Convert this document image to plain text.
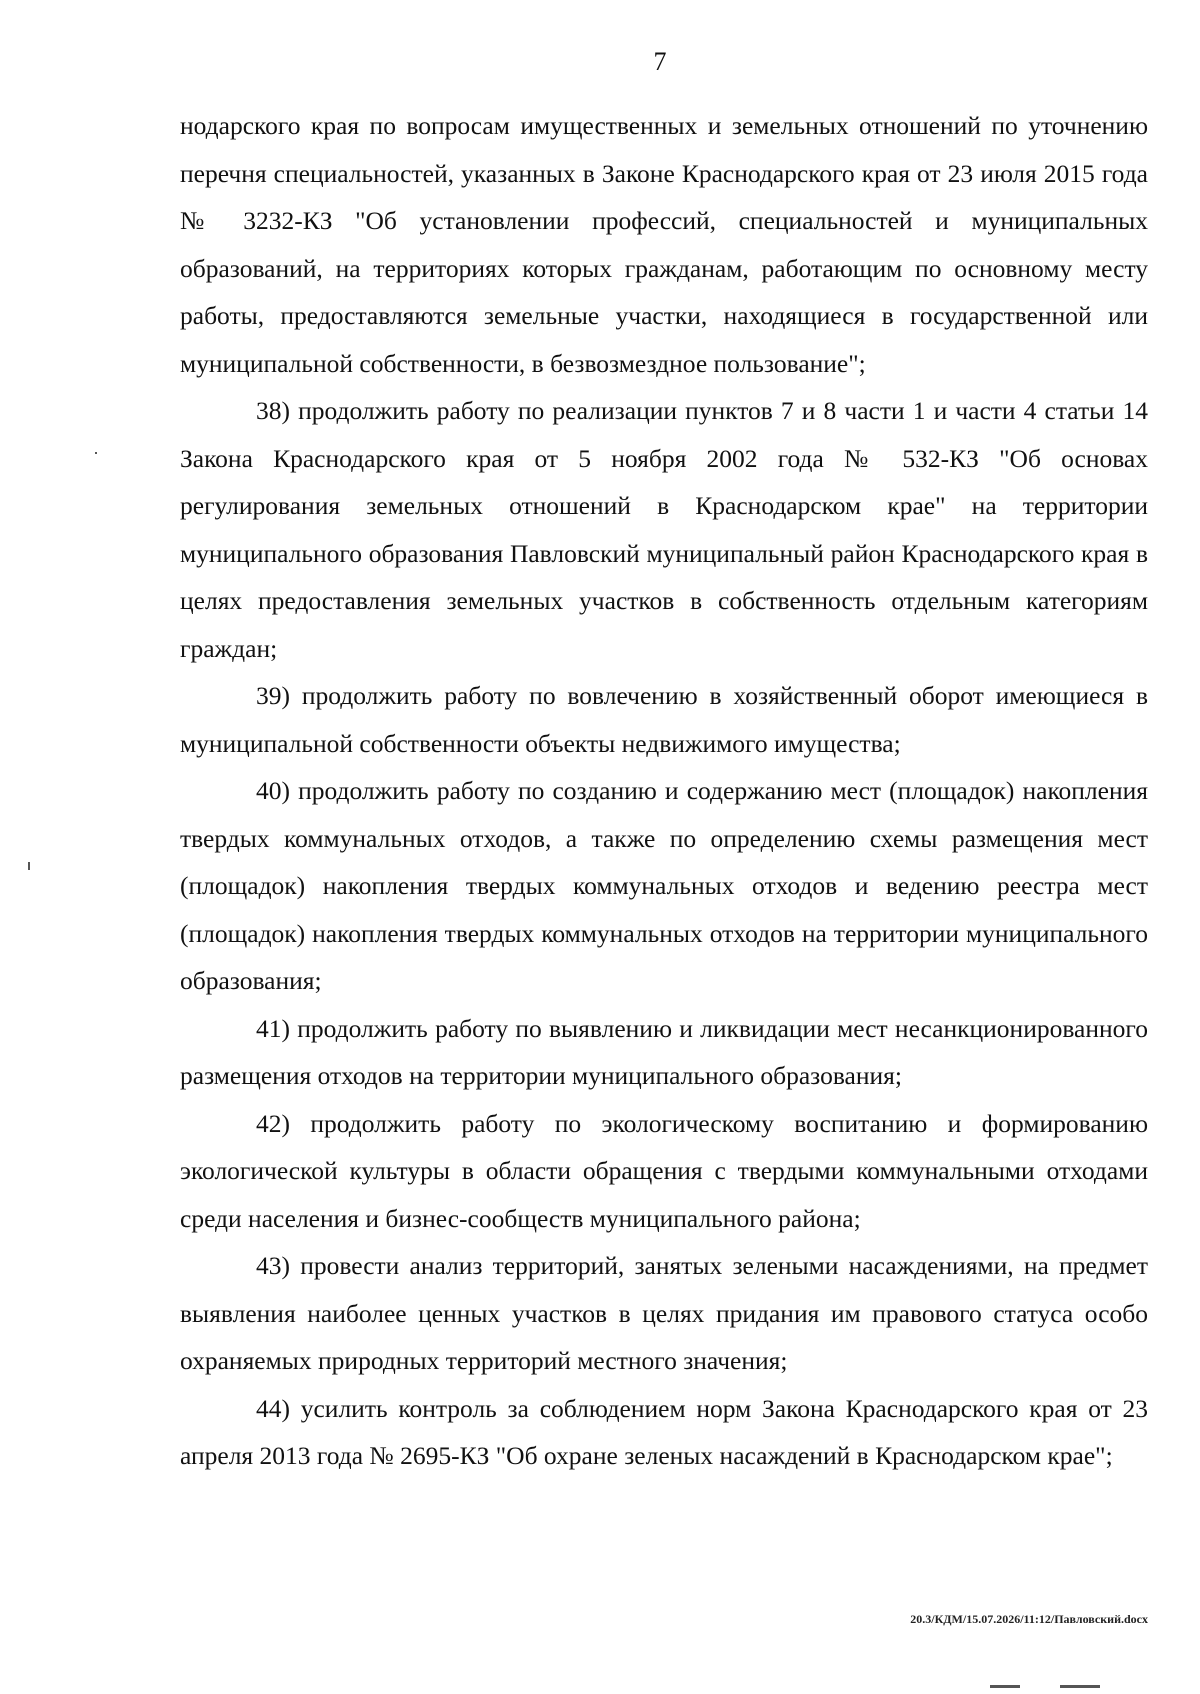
7

нодарского края по вопросам имущественных и земельных отношений по уточнению перечня специальностей, указанных в Законе Краснодарского края от 23 июля 2015 года № 3232-КЗ "Об установлении профессий, специальностей и муниципальных образований, на территориях которых гражданам, работающим по основному месту работы, предоставляются земельные участки, находящиеся в государственной или муниципальной собственности, в безвозмездное пользование";

38) продолжить работу по реализации пунктов 7 и 8 части 1 и части 4 статьи 14 Закона Краснодарского края от 5 ноября 2002 года № 532-КЗ "Об основах регулирования земельных отношений в Краснодарском крае" на территории муниципального образования Павловский муниципальный район Краснодарского края в целях предоставления земельных участков в собственность отдельным категориям граждан;

39) продолжить работу по вовлечению в хозяйственный оборот имеющиеся в муниципальной собственности объекты недвижимого имущества;

40) продолжить работу по созданию и содержанию мест (площадок) накопления твердых коммунальных отходов, а также по определению схемы размещения мест (площадок) накопления твердых коммунальных отходов и ведению реестра мест (площадок) накопления твердых коммунальных отходов на территории муниципального образования;

41) продолжить работу по выявлению и ликвидации мест несанкционированного размещения отходов на территории муниципального образования;

42) продолжить работу по экологическому воспитанию и формированию экологической культуры в области обращения с твердыми коммунальными отходами среди населения и бизнес-сообществ муниципального района;

43) провести анализ территорий, занятых зелеными насаждениями, на предмет выявления наиболее ценных участков в целях придания им правового статуса особо охраняемых природных территорий местного значения;

44) усилить контроль за соблюдением норм Закона Краснодарского края от 23 апреля 2013 года № 2695-КЗ "Об охране зеленых насаждений в Краснодарском крае";

20.3/КДМ/15.07.2026/11:12/Павловский.docx
